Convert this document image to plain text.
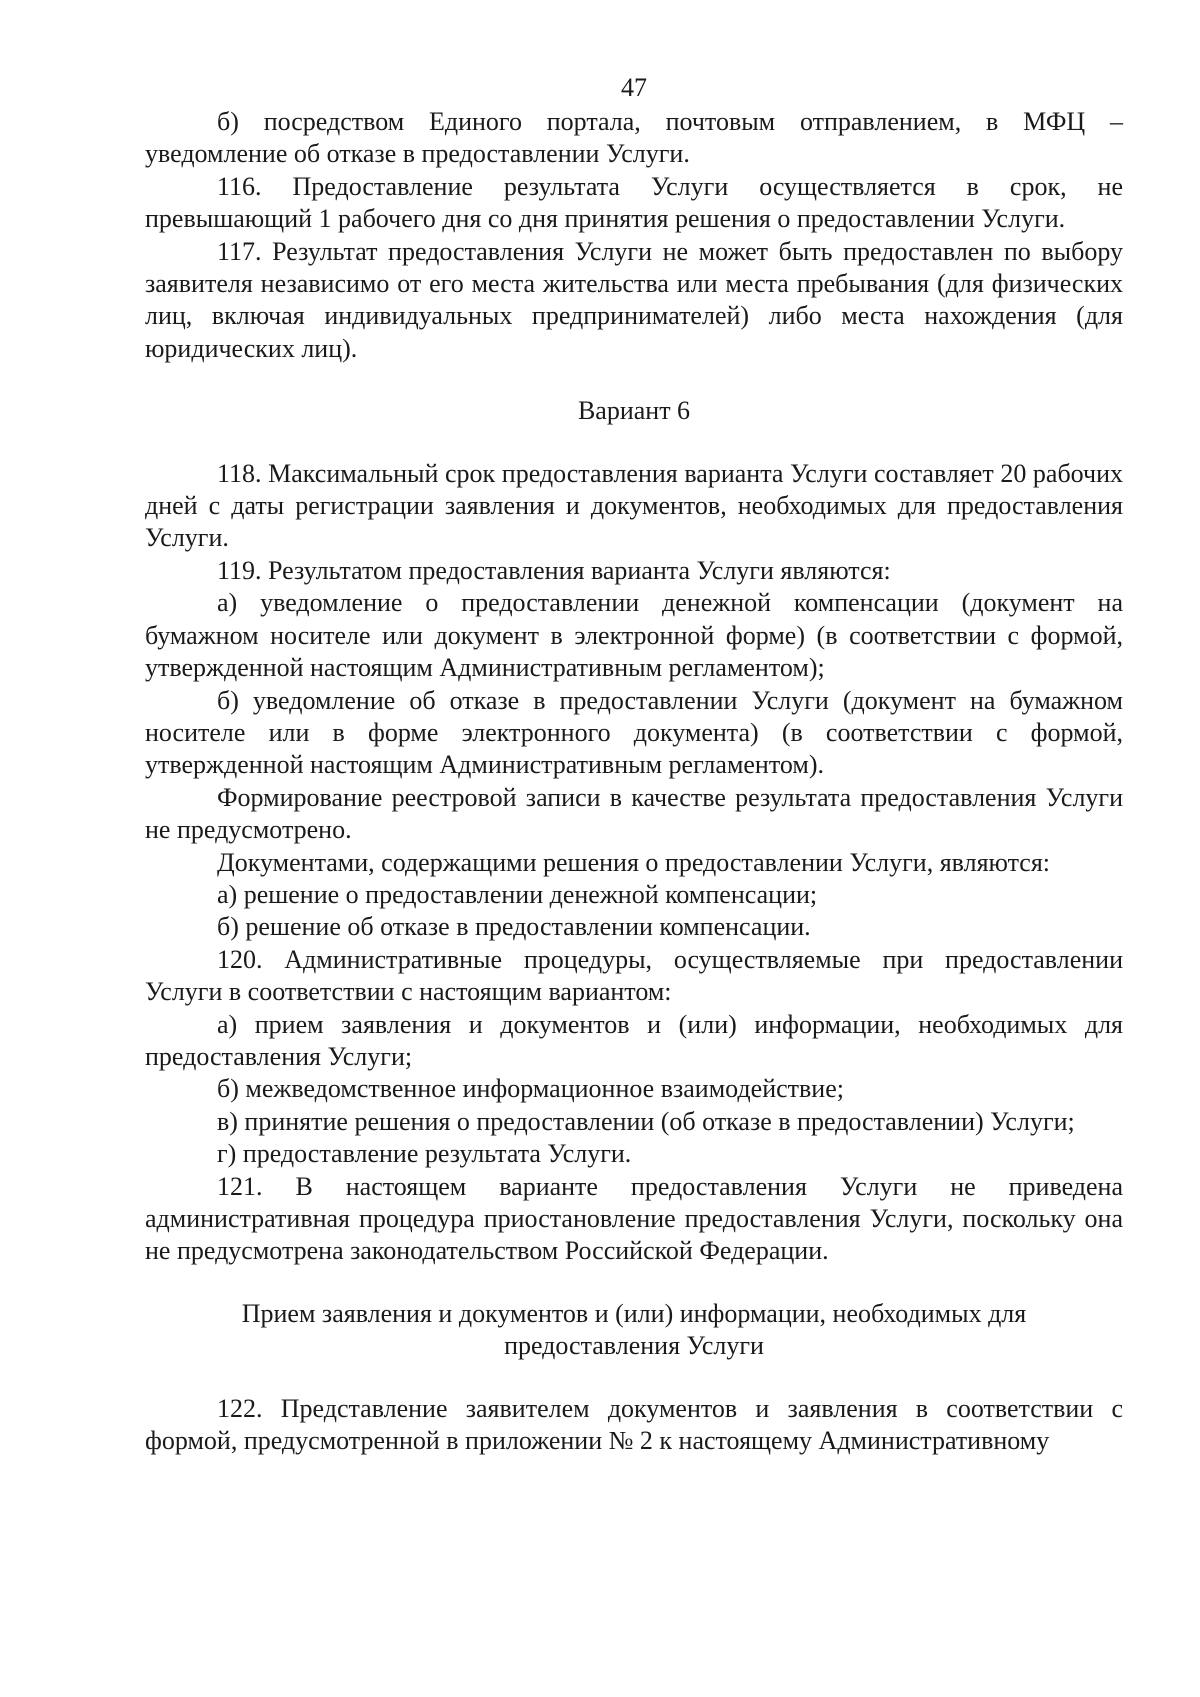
47

б) посредством Единого портала, почтовым отправлением, в МФЦ – уведомление об отказе в предоставлении Услуги.

116. Предоставление результата Услуги осуществляется в срок, не превышающий 1 рабочего дня со дня принятия решения о предоставлении Услуги.

117. Результат предоставления Услуги не может быть предоставлен по выбору заявителя независимо от его места жительства или места пребывания (для физических лиц, включая индивидуальных предпринимателей) либо места нахождения (для юридических лиц).

Вариант 6

118. Максимальный срок предоставления варианта Услуги составляет 20 рабочих дней с даты регистрации заявления и документов, необходимых для предоставления Услуги.

119. Результатом предоставления варианта Услуги являются:

а) уведомление о предоставлении денежной компенсации (документ на бумажном носителе или документ в электронной форме) (в соответствии с формой, утвержденной настоящим Административным регламентом);

б) уведомление об отказе в предоставлении Услуги (документ на бумажном носителе или в форме электронного документа) (в соответствии с формой, утвержденной настоящим Административным регламентом).

Формирование реестровой записи в качестве результата предоставления Услуги не предусмотрено.

Документами, содержащими решения о предоставлении Услуги, являются:

а) решение о предоставлении денежной компенсации;

б) решение об отказе в предоставлении компенсации.

120. Административные процедуры, осуществляемые при предоставлении Услуги в соответствии с настоящим вариантом:

а) прием заявления и документов и (или) информации, необходимых для предоставления Услуги;

б) межведомственное информационное взаимодействие;

в) принятие решения о предоставлении (об отказе в предоставлении) Услуги;

г) предоставление результата Услуги.

121. В настоящем варианте предоставления Услуги не приведена административная процедура приостановление предоставления Услуги, поскольку она не предусмотрена законодательством Российской Федерации.

Прием заявления и документов и (или) информации, необходимых для предоставления Услуги

122. Представление заявителем документов и заявления в соответствии с формой, предусмотренной в приложении № 2 к настоящему Административному
